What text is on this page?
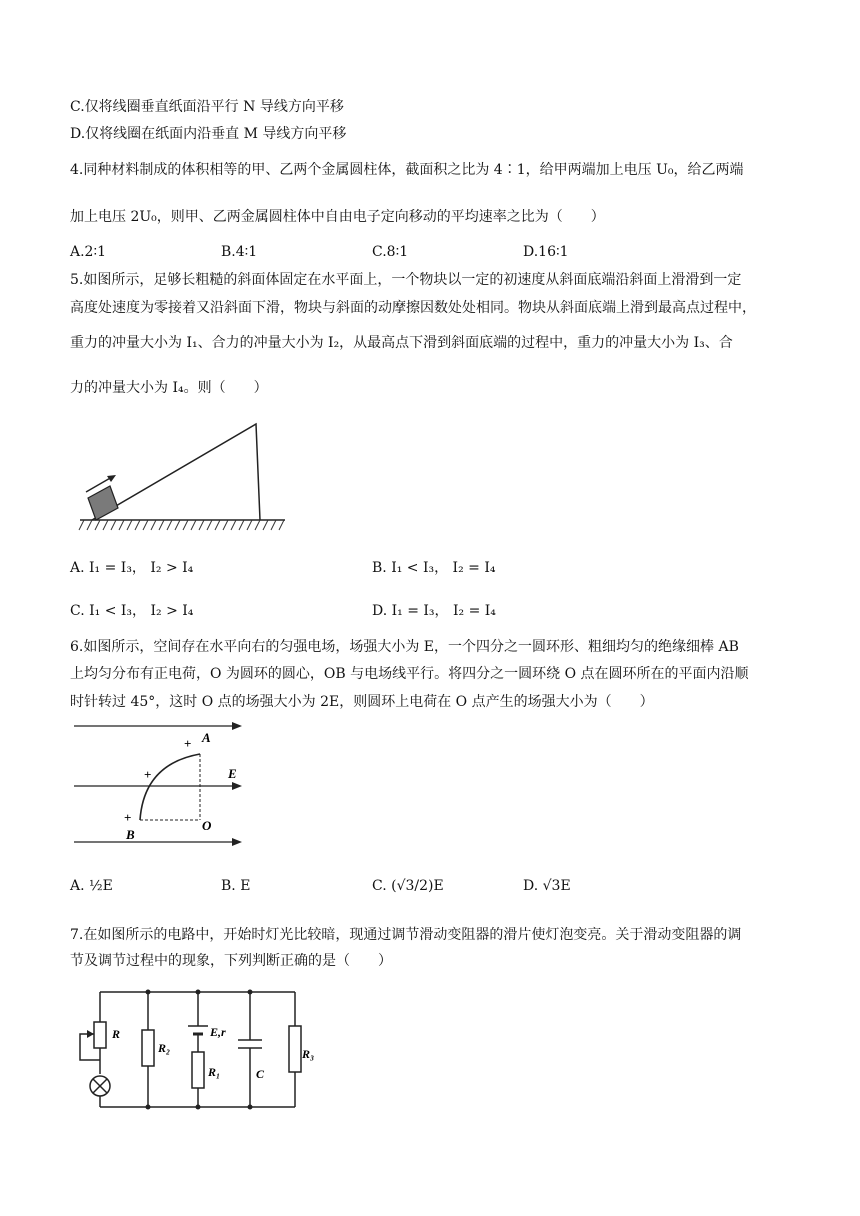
C.仅将线圈垂直纸面沿平行 N 导线方向平移
D.仅将线圈在纸面内沿垂直 M 导线方向平移
4.同种材料制成的体积相等的甲、乙两个金属圆柱体，截面积之比为 4∶1，给甲两端加上电压 U₀，给乙两端
加上电压 2U₀，则甲、乙两金属圆柱体中自由电子定向移动的平均速率之比为（　　）
A.2∶1	B.4∶1	C.8∶1	D.16∶1
5.如图所示，足够长粗糙的斜面体固定在水平面上，一个物块以一定的初速度从斜面底端沿斜面上滑滑到一定
高度处速度为零接着又沿斜面下滑，物块与斜面的动摩擦因数处处相同。物块从斜面底端上滑到最高点过程中，
重力的冲量大小为 I₁、合力的冲量大小为 I₂，从最高点下滑到斜面底端的过程中，重力的冲量大小为 I₃、合
力的冲量大小为 I₄。则（　　）
A. I₁ = I₃， I₂ > I₄	B. I₁ < I₃， I₂ = I₄
C. I₁ < I₃， I₂ > I₄	D. I₁ = I₃， I₂ = I₄
6.如图所示，空间存在水平向右的匀强电场，场强大小为 E，一个四分之一圆环形、粗细均匀的绝缘细棒 AB
上均匀分布有正电荷，O 为圆环的圆心，OB 与电场线平行。将四分之一圆环绕 O 点在圆环所在的平面内沿顺
时针转过 45°，这时 O 点的场强大小为 2E，则圆环上电荷在 O 点产生的场强大小为（　　）
+
+
+
A
B
O
E
A. ½E	B. E	C. (√3/2)E	D. √3E
7.在如图所示的电路中，开始时灯光比较暗，现通过调节滑动变阻器的滑片使灯泡变亮。关于滑动变阻器的调
节及调节过程中的现象，下列判断正确的是（　　）
R
R₂
E,r
R₁	C
R₃
